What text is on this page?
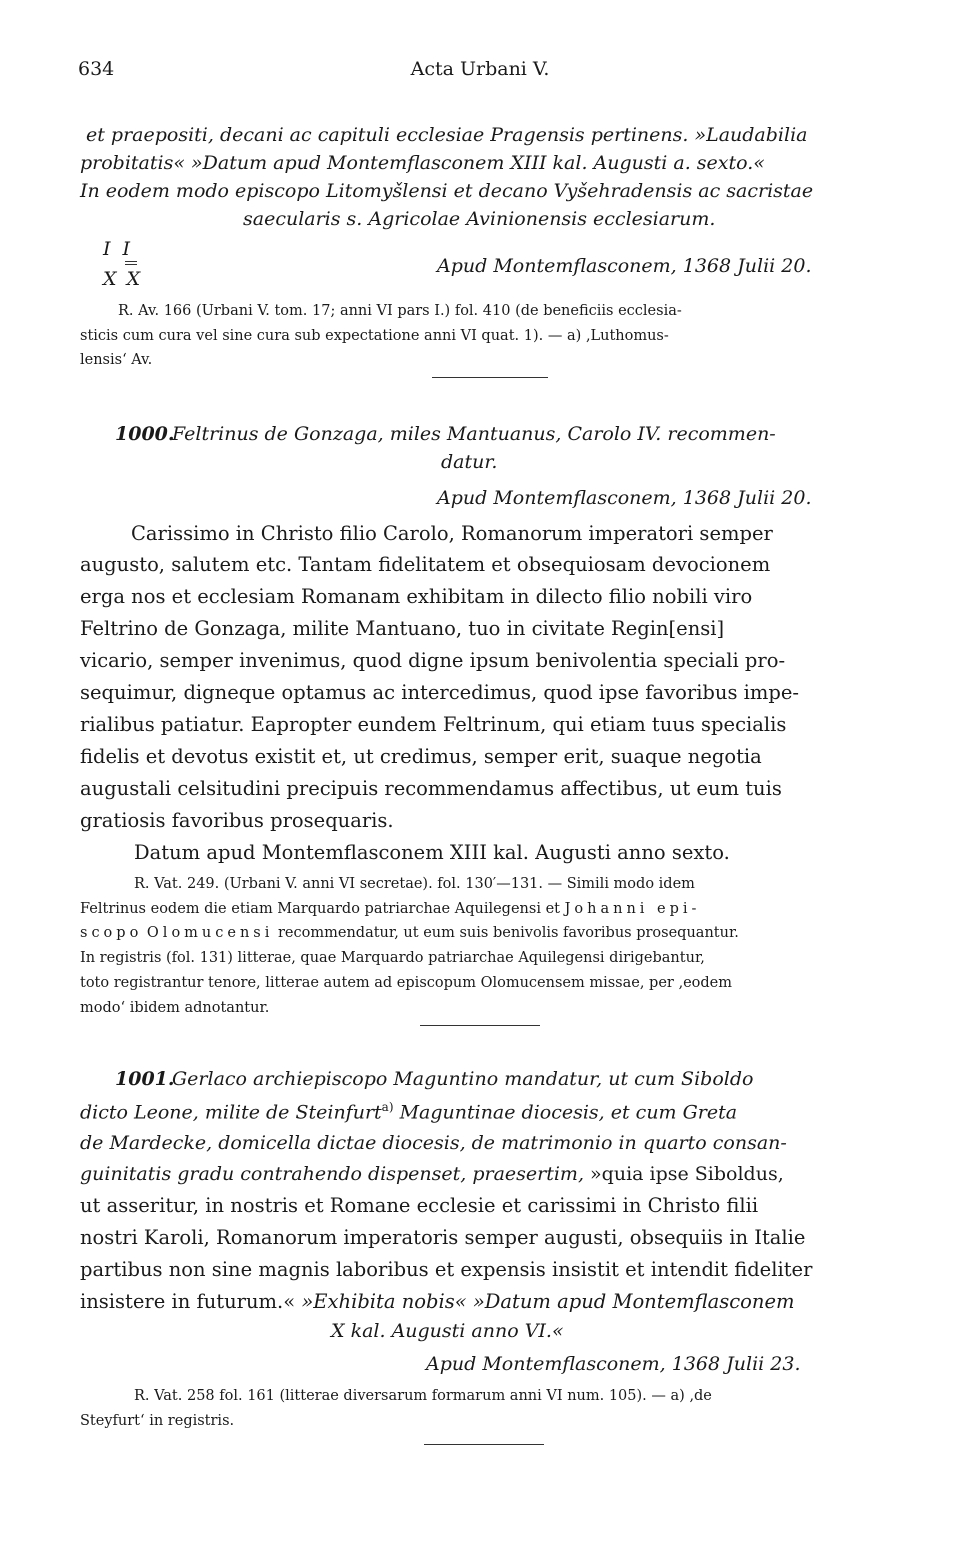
634	Acta Urbani V.
et praepositi, decani ac capituli ecclesiae Pragensis pertinens. »Laudabilia
probitatis« »Datum apud Montemflasconem XIII kal. Augusti a. sexto.«
In eodem modo episcopo Litomyšlensi et decano Vyšehradensis ac sacristae
saecularis s. Agricolae Avinionensis ecclesiarum.
I I
X X
Apud Montemflasconem, 1368 Julii 20.
R. Av. 166 (Urbani V. tom. 17; anni VI pars I.) fol. 410 (de beneficiis ecclesia-
sticis cum cura vel sine cura sub expectatione anni VI quat. 1). — a) ‚Luthomus-
lensis‘ Av.
1000.
Feltrinus de Gonzaga, miles Mantuanus, Carolo IV. recommen-
datur.
Apud Montemflasconem, 1368 Julii 20.
Carissimo in Christo filio Carolo, Romanorum imperatori semper
augusto, salutem etc. Tantam fidelitatem et obsequiosam devocionem
erga nos et ecclesiam Romanam exhibitam in dilecto filio nobili viro
Feltrino de Gonzaga, milite Mantuano, tuo in civitate Regin[ensi]
vicario, semper invenimus, quod digne ipsum benivolentia speciali pro-
sequimur, digneque optamus ac intercedimus, quod ipse favoribus impe-
rialibus patiatur. Eapropter eundem Feltrinum, qui etiam tuus specialis
fidelis et devotus existit et, ut credimus, semper erit, suaque negotia
augustali celsitudini precipuis recommendamus affectibus, ut eum tuis
gratiosis favoribus prosequaris.
Datum apud Montemflasconem XIII kal. Augusti anno sexto.
R. Vat. 249. (Urbani V. anni VI secretae). fol. 130′—131. — Simili modo idem
Feltrinus eodem die etiam Marquardo patriarchae Aquilegensi et Johanni epi-
scopo Olomucensi recommendatur, ut eum suis benivolis favoribus prosequantur.
In registris (fol. 131) litterae, quae Marquardo patriarchae Aquilegensi dirigebantur,
toto registrantur tenore, litterae autem ad episcopum Olomucensem missae, per ‚eodem
modo‘ ibidem adnotantur.
1001.
Gerlaco archiepiscopo Maguntino mandatur, ut cum Siboldo
dicto Leone, milite de Steinfurt$^{a)}$ Maguntinae diocesis, et cum Greta
de Mardecke, domicella dictae diocesis, de matrimonio in quarto consan-
guinitatis gradu contrahendo dispenset, praesertim, »quia ipse Siboldus,
ut asseritur, in nostris et Romane ecclesie et carissimi in Christo filii
nostri Karoli, Romanorum imperatoris semper augusti, obsequiis in Italie
partibus non sine magnis laboribus et expensis insistit et intendit fideliter
insistere in futurum.« »Exhibita nobis« »Datum apud Montemflasconem
X kal. Augusti anno VI.«
Apud Montemflasconem, 1368 Julii 23.
R. Vat. 258 fol. 161 (litterae diversarum formarum anni VI num. 105). — a) ‚de
Steyfurt‘ in registris.
